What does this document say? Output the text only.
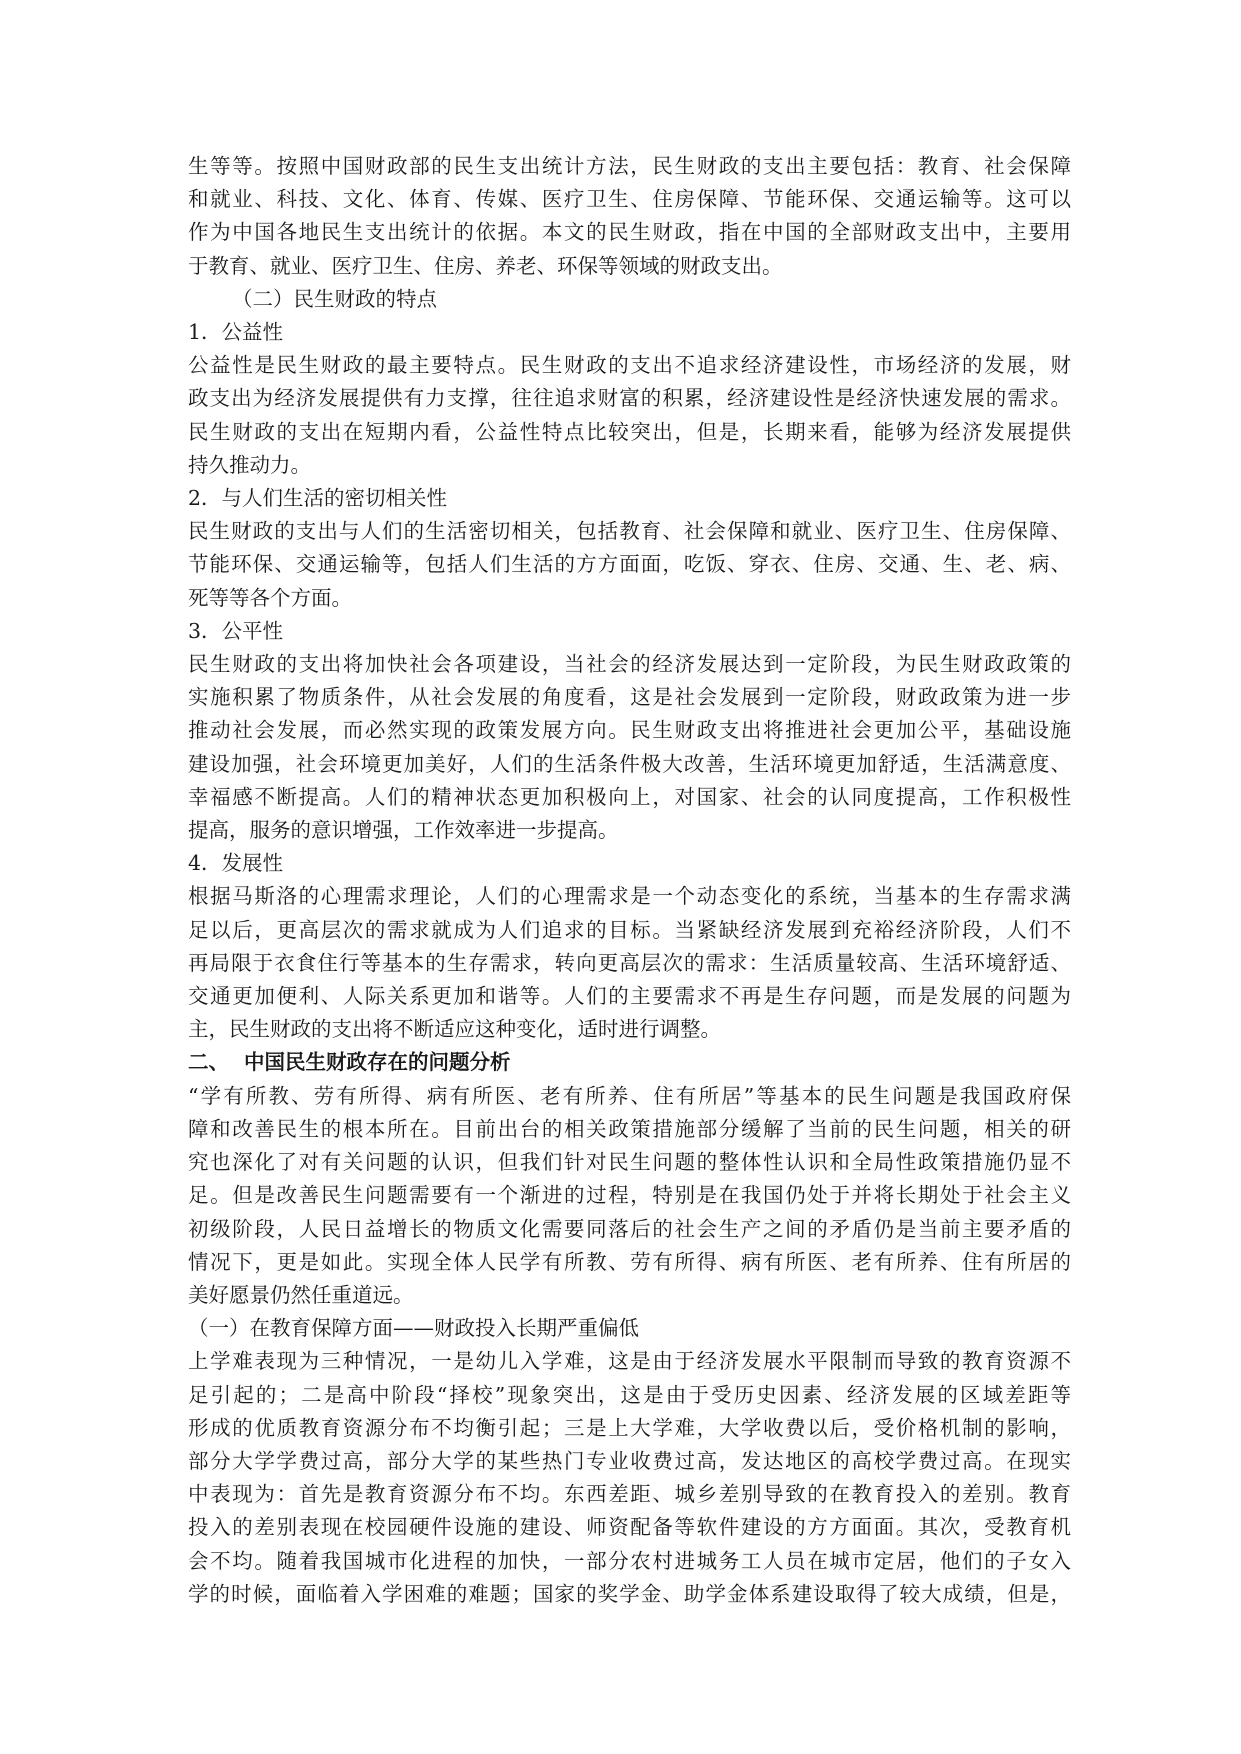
生等等。按照中国财政部的民生支出统计方法，民生财政的支出主要包括：教育、社会保障
和就业、科技、文化、体育、传媒、医疗卫生、住房保障、节能环保、交通运输等。这可以
作为中国各地民生支出统计的依据。本文的民生财政，指在中国的全部财政支出中，主要用
于教育、就业、医疗卫生、住房、养老、环保等领域的财政支出。
（二）民生财政的特点
1．公益性
公益性是民生财政的最主要特点。民生财政的支出不追求经济建设性，市场经济的发展，财
政支出为经济发展提供有力支撑，往往追求财富的积累，经济建设性是经济快速发展的需求。
民生财政的支出在短期内看，公益性特点比较突出，但是，长期来看，能够为经济发展提供
持久推动力。
2．与人们生活的密切相关性
民生财政的支出与人们的生活密切相关，包括教育、社会保障和就业、医疗卫生、住房保障、
节能环保、交通运输等，包括人们生活的方方面面，吃饭、穿衣、住房、交通、生、老、病、
死等等各个方面。
3．公平性
民生财政的支出将加快社会各项建设，当社会的经济发展达到一定阶段，为民生财政政策的
实施积累了物质条件，从社会发展的角度看，这是社会发展到一定阶段，财政政策为进一步
推动社会发展，而必然实现的政策发展方向。民生财政支出将推进社会更加公平，基础设施
建设加强，社会环境更加美好，人们的生活条件极大改善，生活环境更加舒适，生活满意度、
幸福感不断提高。人们的精神状态更加积极向上，对国家、社会的认同度提高，工作积极性
提高，服务的意识增强，工作效率进一步提高。
4．发展性
根据马斯洛的心理需求理论，人们的心理需求是一个动态变化的系统，当基本的生存需求满
足以后，更高层次的需求就成为人们追求的目标。当紧缺经济发展到充裕经济阶段，人们不
再局限于衣食住行等基本的生存需求，转向更高层次的需求：生活质量较高、生活环境舒适、
交通更加便利、人际关系更加和谐等。人们的主要需求不再是生存问题，而是发展的问题为
主，民生财政的支出将不断适应这种变化，适时进行调整。
二、 中国民生财政存在的问题分析
“学有所教、劳有所得、病有所医、老有所养、住有所居”等基本的民生问题是我国政府保
障和改善民生的根本所在。目前出台的相关政策措施部分缓解了当前的民生问题，相关的研
究也深化了对有关问题的认识，但我们针对民生问题的整体性认识和全局性政策措施仍显不
足。但是改善民生问题需要有一个渐进的过程，特别是在我国仍处于并将长期处于社会主义
初级阶段，人民日益增长的物质文化需要同落后的社会生产之间的矛盾仍是当前主要矛盾的
情况下，更是如此。实现全体人民学有所教、劳有所得、病有所医、老有所养、住有所居的
美好愿景仍然任重道远。
（一）在教育保障方面——财政投入长期严重偏低
上学难表现为三种情况，一是幼儿入学难，这是由于经济发展水平限制而导致的教育资源不
足引起的；二是高中阶段“择校”现象突出，这是由于受历史因素、经济发展的区域差距等
形成的优质教育资源分布不均衡引起；三是上大学难，大学收费以后，受价格机制的影响，
部分大学学费过高，部分大学的某些热门专业收费过高，发达地区的高校学费过高。在现实
中表现为：首先是教育资源分布不均。东西差距、城乡差别导致的在教育投入的差别。教育
投入的差别表现在校园硬件设施的建设、师资配备等软件建设的方方面面。其次，受教育机
会不均。随着我国城市化进程的加快，一部分农村进城务工人员在城市定居，他们的子女入
学的时候，面临着入学困难的难题；国家的奖学金、助学金体系建设取得了较大成绩，但是，
